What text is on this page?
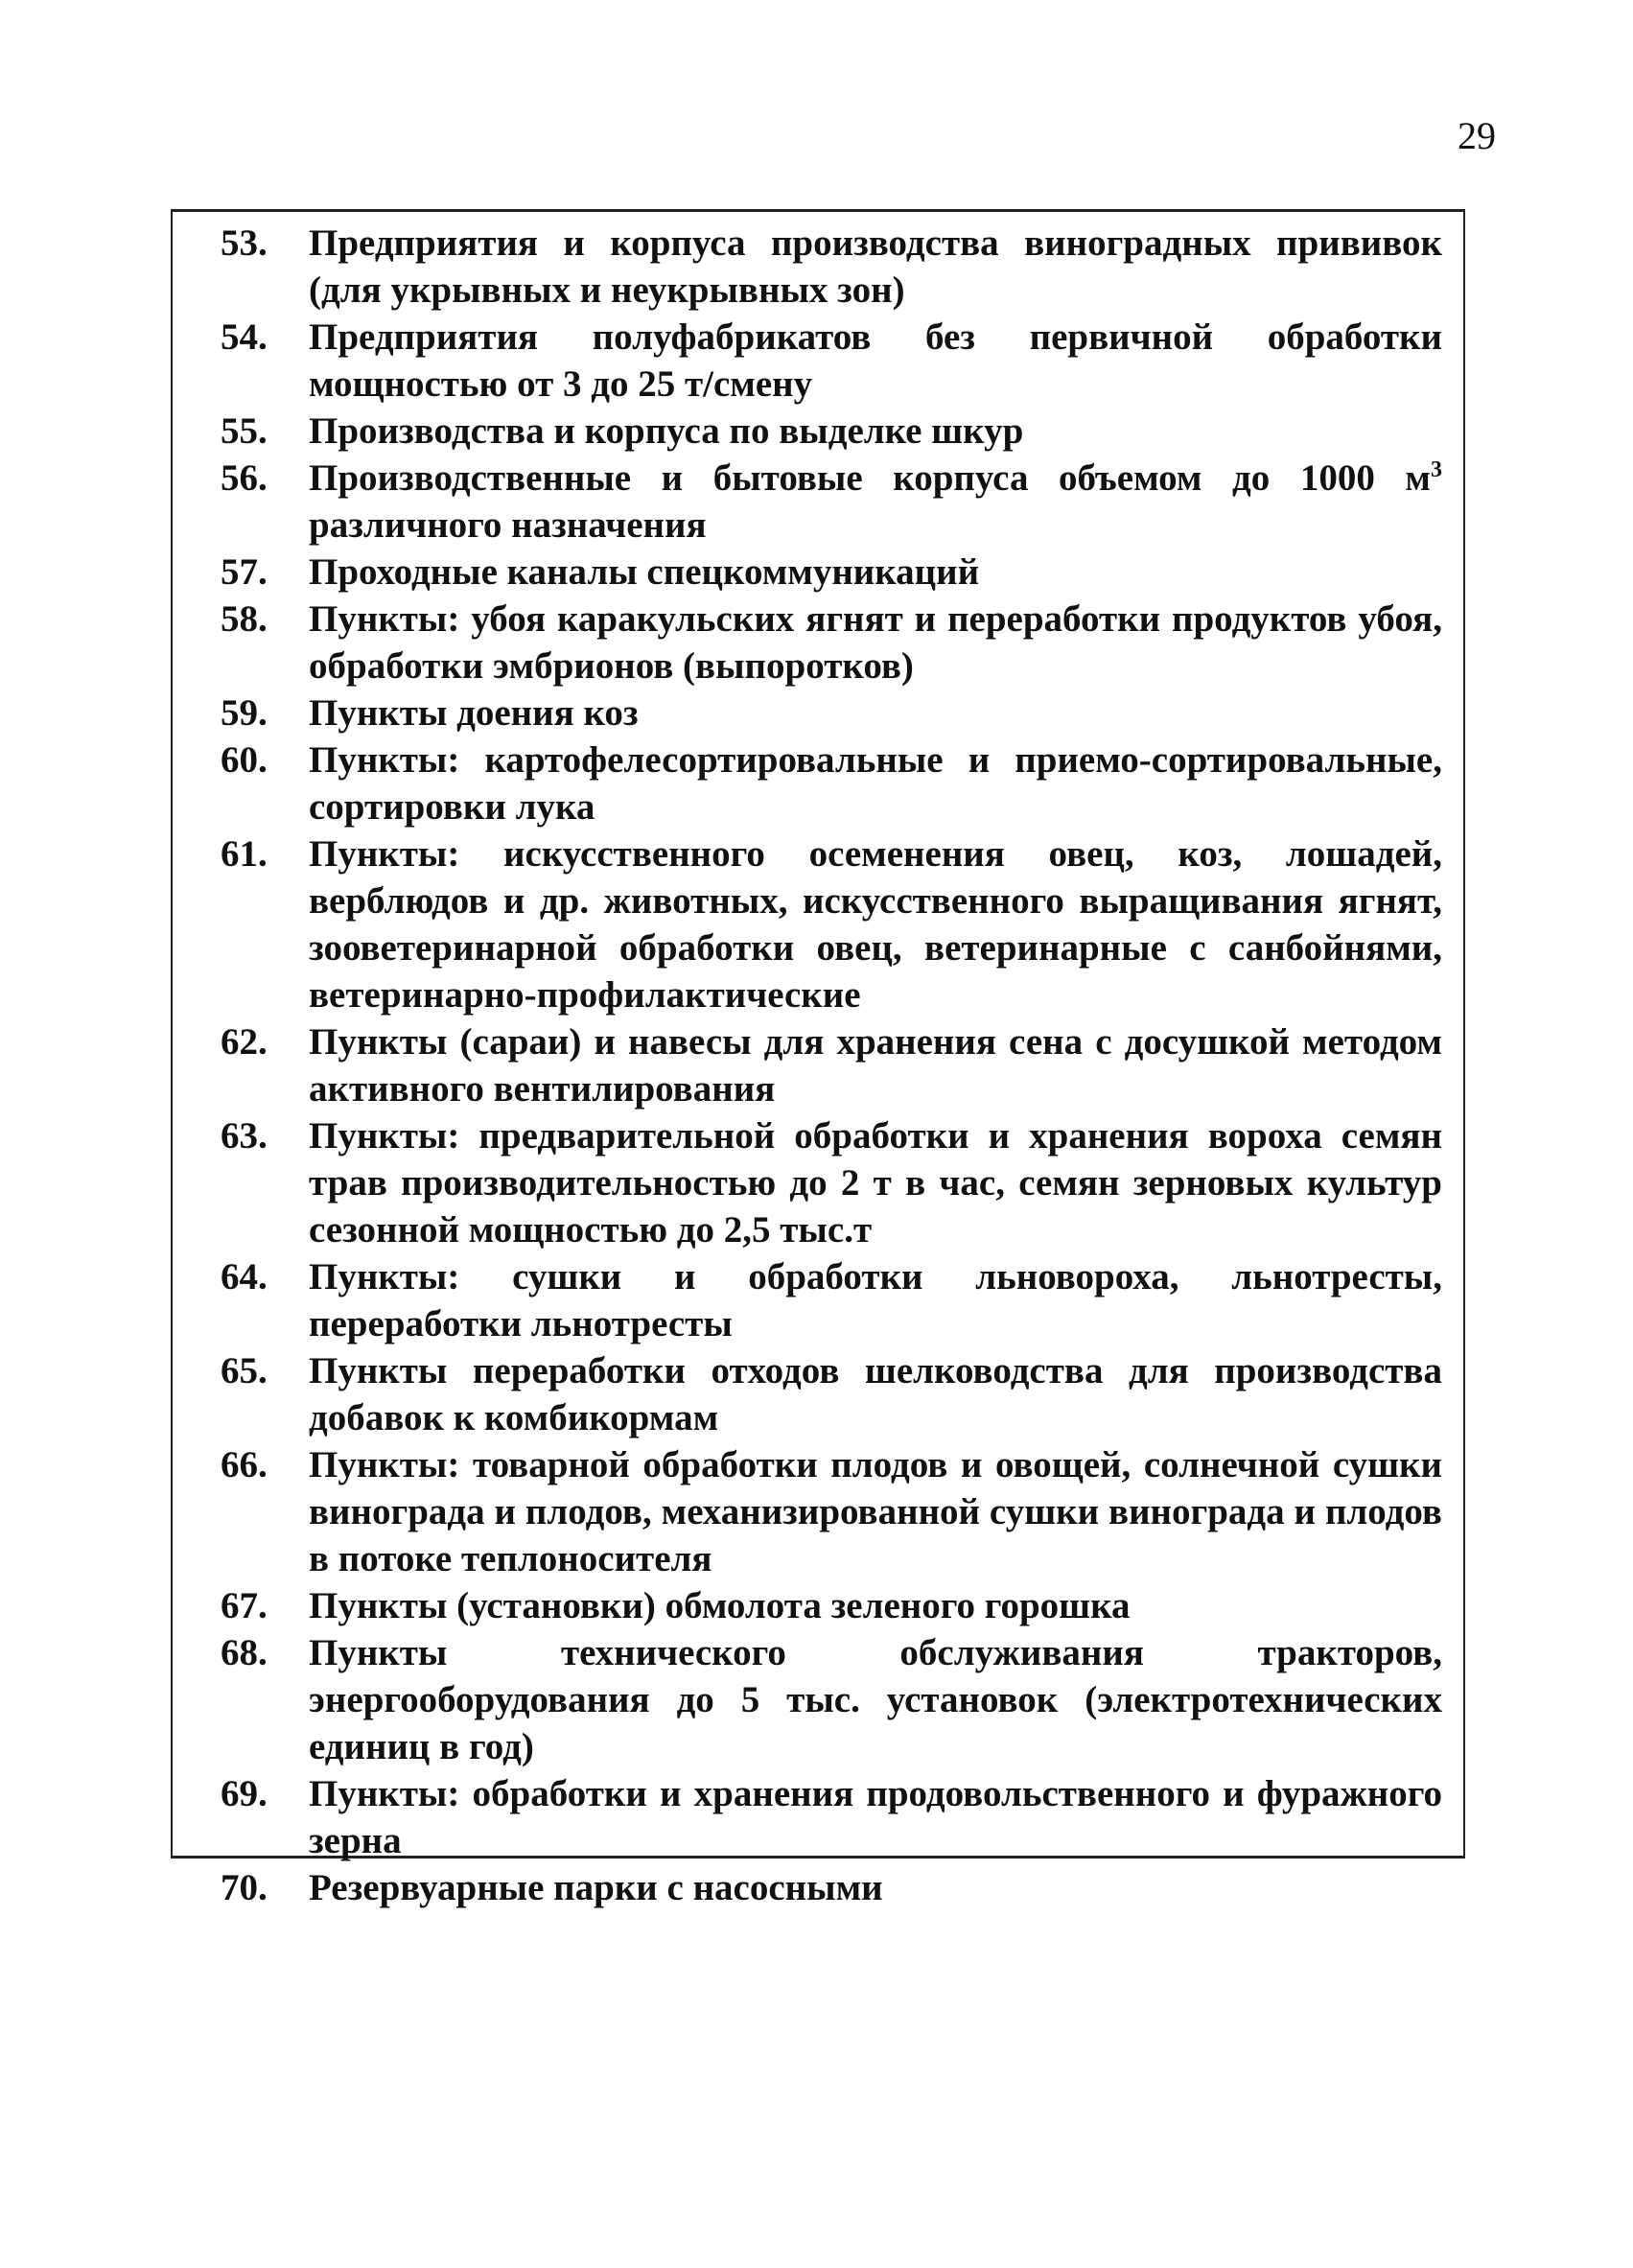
29
53.	Предприятия и корпуса производства виноградных прививок (для укрывных и неукрывных зон)
54.	Предприятия полуфабрикатов без первичной обработки мощностью от 3 до 25 т/смену
55.	Производства и корпуса по выделке шкур
56.	Производственные и бытовые корпуса объемом до 1000 $м^3$ различного назначения
57.	Проходные каналы спецкоммуникаций
58.	Пункты: убоя каракульских ягнят и переработки продуктов убоя, обработки эмбрионов (выпоротков)
59.	Пункты доения коз
60.	Пункты: картофелесортировальные и приемо-сортировальные, сортировки лука
61.	Пункты: искусственного осеменения овец, коз, лошадей, верблюдов и др. животных, искусственного выращивания ягнят, зооветеринарной обработки овец, ветеринарные с санбойнями, ветеринарно-профилактические
62.	Пункты (сараи) и навесы для хранения сена с досушкой методом активного вентилирования
63.	Пункты: предварительной обработки и хранения вороха семян трав производительностью до 2 т в час, семян зерновых культур сезонной мощностью до 2,5 тыс.т
64.	Пункты: сушки и обработки льновороха, льнотресты, переработки льнотресты
65.	Пункты переработки отходов шелководства для производства добавок к комбикормам
66.	Пункты: товарной обработки плодов и овощей, солнечной сушки винограда и плодов, механизированной сушки винограда и плодов в потоке теплоносителя
67.	Пункты (установки) обмолота зеленого горошка
68.	Пункты технического обслуживания тракторов, энергооборудования до 5 тыс. установок (электротехнических единиц в год)
69.	Пункты: обработки и хранения продовольственного и фуражного зерна
70.	Резервуарные парки с насосными
